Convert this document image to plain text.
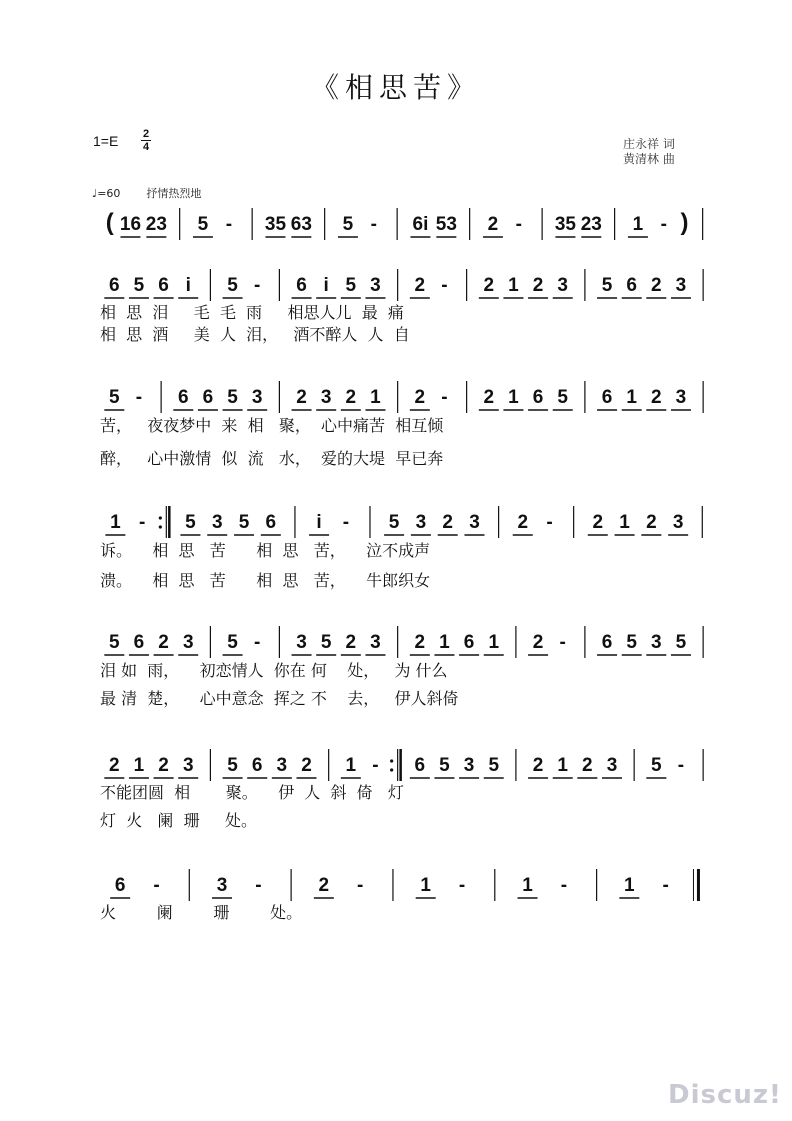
《相思苦》
1=E 2
4	庄永祥 词
黄清林 曲
♩=60 抒情热烈地
( 16 23 5 - 35 63 5 - 6i 53 2 - 35 23 1 - )
6 5 6 i 5 - 6 i 5 3 2 - 2 1 2 3 5 6 2 3
5 - 6 6 5 3 2 3 2 1 2 - 2 1 6 5 6 1 2 3
1 - 5 3 5 6 i - 5 3 2 3 2 - 2 1 2 3
5 6 2 3 5 - 3 5 2 3 2 1 6 1 2 - 6 5 3 5
2 1 2 3 5 6 3 2 1 - 6 5 3 5 2 1 2 3 5 -
6 -	3 -	2 -	1 -	1 -	1 -
相  思  泪     毛  毛  雨     相思人儿  最  痛
相  思  酒     美  人  泪，   酒不醉人  人  自
苦，   夜夜梦中  来  相   聚，  心中痛苦  相互倾
醉，   心中激情  似  流   水，  爱的大堤  早已奔
诉。    相  思   苦      相  思   苦，    泣不成声
溃。    相  思   苦      相  思   苦，    牛郎织女
泪 如  雨，    初恋情人  你在 何    处，   为 什么
最 清  楚，    心中意念  挥之 不    去，   伊人斜倚
不能团圆  相       聚。    伊  人  斜  倚   灯
灯  火   阑  珊     处。
火        阑        珊        处。
Discuz!
